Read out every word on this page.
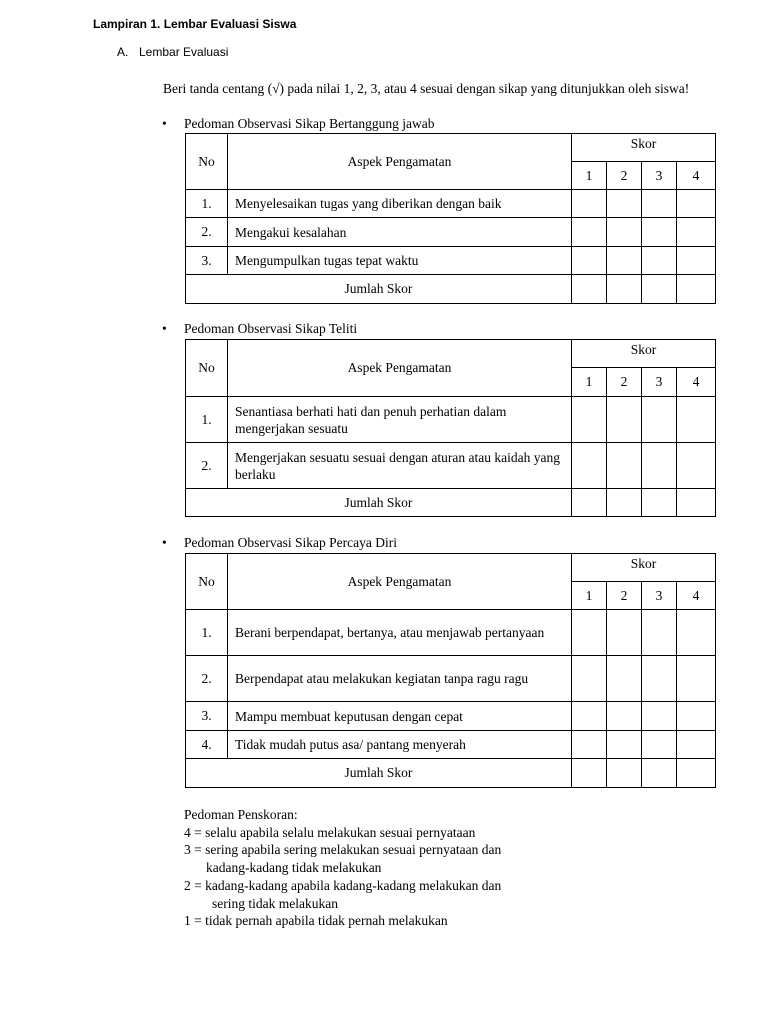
Lampiran 1. Lembar Evaluasi Siswa
A. Lembar Evaluasi
Beri tanda centang (√) pada nilai 1, 2, 3, atau 4 sesuai dengan sikap yang ditunjukkan oleh siswa!
• Pedoman Observasi Sikap Bertanggung jawab
No	Aspek Pengamatan	Skor			
		1	2	3	4
1.	Menyelesaikan tugas yang diberikan dengan baik				
2.	Mengakui kesalahan				
3.	Mengumpulkan tugas tepat waktu				
Jumlah Skor					
• Pedoman Observasi Sikap Teliti
No	Aspek Pengamatan	Skor			
		1	2	3	4
1.	Senantiasa berhati hati dan penuh perhatian dalam mengerjakan sesuatu				
2.	Mengerjakan sesuatu sesuai dengan aturan atau kaidah yang berlaku				
Jumlah Skor					
• Pedoman Observasi Sikap Percaya Diri
No	Aspek Pengamatan	Skor			
		1	2	3	4
1.	Berani berpendapat, bertanya, atau menjawab pertanyaan				
2.	Berpendapat atau melakukan kegiatan tanpa ragu ragu				
3.	Mampu membuat keputusan dengan cepat				
4.	Tidak mudah putus asa/ pantang menyerah				
Jumlah Skor					
Pedoman Penskoran:
4 = selalu apabila selalu melakukan sesuai pernyataan
3 = sering apabila sering melakukan sesuai pernyataan dan
kadang-kadang tidak melakukan
2 = kadang-kadang apabila kadang-kadang melakukan dan
sering tidak melakukan
1 = tidak pernah apabila tidak pernah melakukan
